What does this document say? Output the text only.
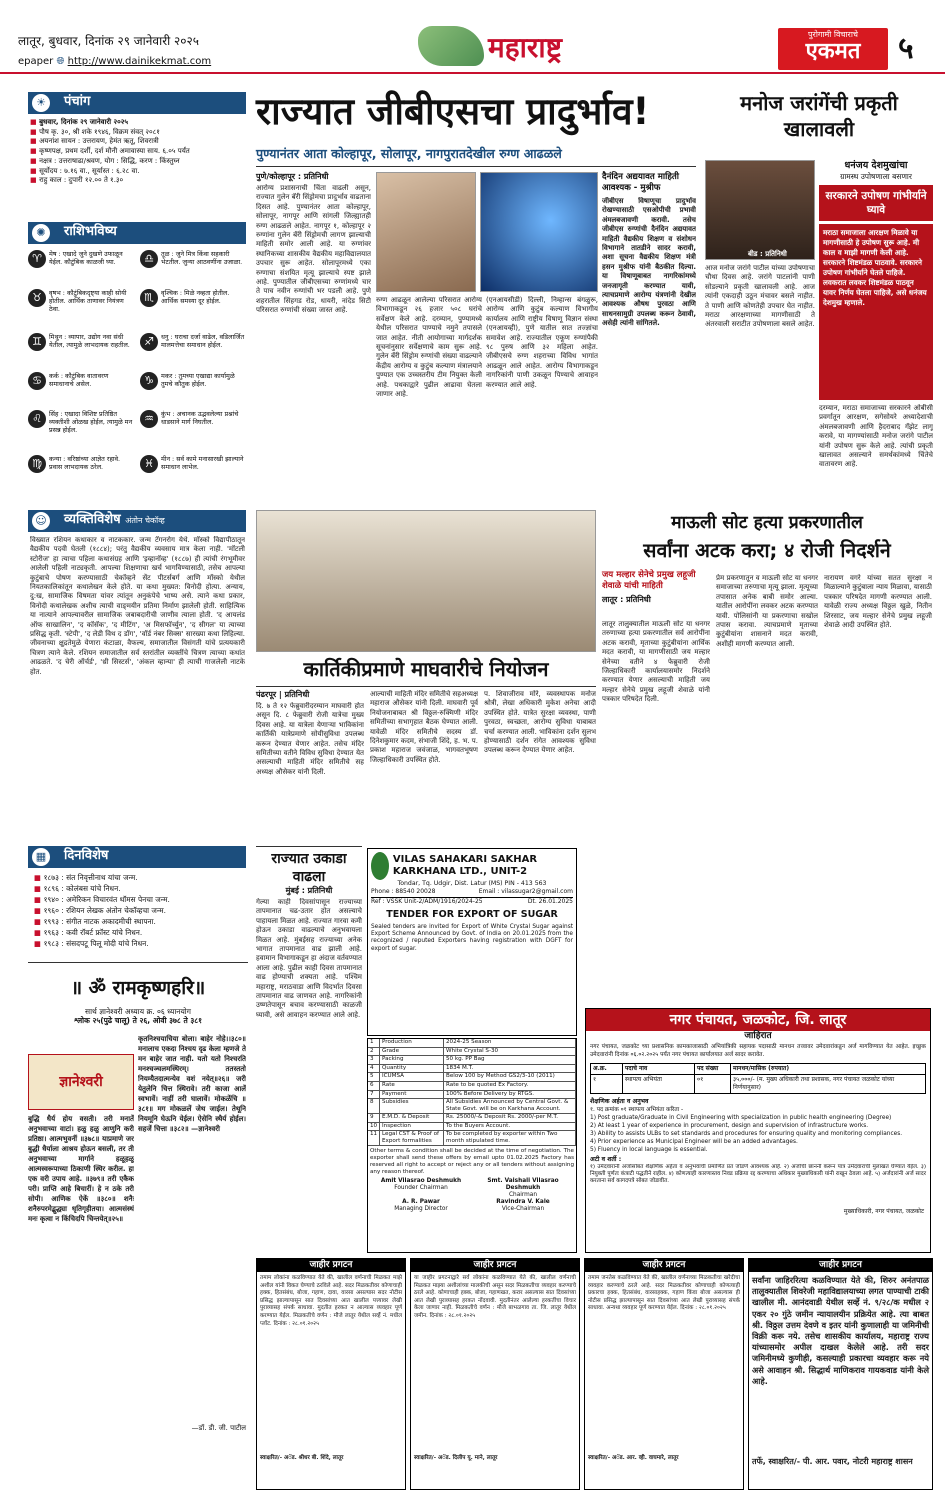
लातूर, बुधवार, दिनांक २९ जानेवारी २०२५
epaper 🌐︎ http://www.dainikekmat.com	महाराष्ट्र	पुरोगामी विचाराचे
एकमत	५
☀	पंचांग
■ बुधवार, दिनांक २९ जानेवारी २०२५
■ पौष कृ. ३०, श्री शके १९४६, विक्रम संवत् २०८१
■ अयनांश सायन : उत्तरायण, हेमंत ऋतू, शिवरात्री
■ कृष्णपक्ष, प्रथम दर्शी, दर्श मौनी अमावास्या साय. ६.०५ पर्यंत
■ नक्षत्र : उत्तराषाढा/श्रवण, योग : सिद्धि, करण : किंस्तुघ्न
■ सूर्योदय : ७.१६ वा., सूर्यास्त : ६.२८ वा.
■ राहु काल : दुपारी १२.०० ते १.३०
✺	राशिभविष्य
♈	मेष : एखादे जुने दुखणे उफाळून येईल. कौटुंबिक काळजी घ्या.	♎	तूळ : जुने मित्र किंवा सहकारी भेटतील. जुन्या आठवणींना उजाळा.
♉	वृषभ : कौटुंबिकदृष्ट्या काही सोयी होतील. आर्थिक ताणावर नियंत्रण ठेवा.
♏	वृश्चिक : मिळे नव्हता होतील. आर्थिक समस्या दूर होईल.
♊	मिथुन : व्यापार, उद्योग नवा संधी येतील, त्यामुळे लाभदायक राहतील.	♐	धनु : घराचा दर्जा वाढेल, वडिलार्जित मालमत्तेचा समाधान होईल.
♋	कर्क : कौटुंबिक वातावरण समाधानाचे असेल.	♑	मकर : तुमच्या एखाद्या कार्यामुळे तुमचे कौतुक होईल.
♌	सिंह : एखादा विशिष्ट प्रतिष्ठित व्यक्तीशी ओळख होईल, त्यामुळे मन प्रसन्न होईल.
♒	कुंभ : अचानक उद्भवलेल्या प्रश्नांचे धाडसाने मार्ग निघतील.
♍	कन्या : वरिष्ठांच्या आज्ञेत रहावे. प्रवास लाभदायक ठरेल.	♓	मीन : सर्व कामे मनासारखी झाल्याने समाधान लाभेल.
☺ व्यक्तिविशेष अंतोन चेकॉव्ह
विख्यात रशियन कथाकार व नाटककार. जन्म टॅगनरोग येथे. मॉस्को विद्यापीठातून वैद्यकीय पदवी घेतली (१८८४); परंतु वैद्यकीय व्यवसाय मात्र केला नाही. 'मॉटली स्टोरीज' हा त्याचा पहिला कथासंग्रह आणि 'इव्हानॉव्ह' (१८८७) ही त्यांची रंगभूमीवर आलेली पहिली नाट्यकृती. आपल्या शिक्षणाचा खर्च भागविण्यासाठी, तसेच आपल्या कुटुंबाचे पोषण करण्यासाठी चेकॉव्हने सेंट पीटर्सबर्ग आणि मॉस्को येथील नियतकालिकांतून कथालेखन केले होते. या कथा मुख्यत: विनोदी होत्या. अन्याय, दु:ख, सामाजिक विषमता यांवर त्यांतून अनुकंपेचे भाष्य असे. त्याने कथा प्रकार, विनोदी कथालेखक अशीच त्याची वाङ्‌मयीन प्रतिमा निर्माण झालेली होती. साहित्यिक या नात्याने आपल्यावरील सामाजिक जबाबदारीची जाणीव त्याला होती. 'द आयलंड ऑफ साखालिन', 'द कॉसॅक', 'द मीटिंग', 'अ मिसफॉर्च्युन', 'द सीगल' या त्याच्या प्रसिद्ध कृती. 'स्टेपी', 'द लेडी विथ द डॉग', 'वॉर्ड नंबर सिक्स' सारख्या कथा लिहिल्या. जीवनाच्या क्षुद्रतेमुळे येणारा कंटाळा, वैफल्य, समाजातील विसंगती यांचे प्रत्ययकारी चित्रण त्याने केले. रशियन समाजातील सर्व स्तरांतील व्यक्तींचे चित्रण त्याच्या कथांत आढळते. 'द चेरी ऑर्चर्ड', 'थ्री सिस्टर्स', 'अंकल व्हान्या' ही त्याची गाजलेली नाटके होत.
▦ दिनविशेष
■ १८७३ : संत निवृत्तीनाथ यांचा जन्म.
■ १८९६ : कोलंबस यांचे निधन.
■ १९४० : अमेरिकन विचारवंत थॉमस पेनचा जन्म.
■ १९६० : रशियन लेखक अंतोन चेकॉव्हचा जन्म.
■ १९९३ : संगीत नाटक अकादमीची स्थापना.
■ १९६३ : कवी रॉबर्ट फ्रॉस्ट यांचे निधन.
■ १९८३ : संसदपटू पिलू मोदी यांचे निधन.
॥ ॐ रामकृष्णहरि॥
सार्थ ज्ञानेश्वरी अध्याय क्र. ०६ ध्यानयोग
श्लोक २५(पुढे चालू) ते २६, ओवी ३७८ ते ३८१
ज्ञानेश्वरी
बुद्धि धैर्य होय वसती। तरी मनातें अनुभवाच्या वाटां। हळु हळु आणुनि करी प्रतिष्ठा। आत्मभुवनीं ॥३७८॥ याप्रमाणे जर बुद्धी धैर्याला आश्रय होऊन बसली, तर ती अनुभवाच्या मार्गाने हळूहळू आत्मस्वरूपाच्या ठिकाणी स्थिर करील. हा एक वरी उपाय आहे. ॥३७९॥ तरी एकैक परी। प्राप्ति आहे बिचारीं। हे न ठके तरी सोपी। आणिक ऐकें ॥३८०॥ शनैः शनैरुपरमेद्बुद्ध्या धृतिगृहीतया। आत्मसंस्थं मनः कृत्वा न किंचिदपि चिन्तयेत्॥२५॥
कृतनिश्चयाचिया बोला। बाहेर नोहे।।३८०॥ मनालाच एकदा निश्चय दृढ केला म्हणजे ते मन बाहेर जात नाही. यतो यतो निश्चरति मनश्चञ्चलमस्थिरम्। ततस्ततो नियम्यैतदात्मन्येव वशं नयेत्॥२६॥ जरी येतुलेनि चित्त स्थिरावे। तरी काजा आलें स्वभावें। नाहीं तरी घालावें। मोकळेंचि ॥३८१॥ मग मोकळलें जेथ जाईल। तेथूनि नियमूनि घेऊनि येईल। ऐसेनि स्थैर्य होईल। सहजें चित्ता ॥३८२॥ —ज्ञानेश्वरी
—डॉ. डी. जी. पाटील
राज्यात जीबीएसचा प्रादुर्भाव!
पुण्यानंतर आता कोल्हापूर, सोलापूर, नागपुरातदेखील रुग्ण आढळले
पुणे/कोल्हापूर : प्रतिनिधी
आरोग्य प्रशासनाची चिंता वाढली असून, राज्यात गुलेन बॅरी सिंड्रोमचा प्रादुर्भाव वाढताना दिसत आहे. पुण्यानंतर आता कोल्हापूर, सोलापूर, नागपूर आणि सांगली जिल्ह्यातही रुग्ण आढळले आहेत. नागपूर १, कोल्हापूर २ रुग्णांना गुलेन बॅरी सिंड्रोमची लागण झाल्याची माहिती समोर आली आहे. या रुग्णांवर स्थानिकच्या शासकीय वैद्यकीय महाविद्यालयात उपचार सुरू आहेत. सोलापूरमध्ये एका रुग्णाचा संशयित मृत्यू झाल्याचे स्पष्ट झाले आहे. पुण्यातील जीबीएसच्या रुग्णांमध्ये चार ते पाच नवीन रुग्णांची भर पडली आहे. पुणे शहरातील सिंहगड रोड, धायरी, नांदेड सिटी परिसरात रुग्णांची संख्या जास्त आहे.
रुग्ण आढळून आलेल्या परिसरात आरोग्य विभागाकडून २६ हजार ५०८ घरांचे सर्वेक्षण केले आहे. दरम्यान, पुण्यामध्ये येथील परिसरात पाण्याचे नमुने तपासले जात आहेत. नीती आयोगाच्या मार्गदर्शक सूचनांनुसार सर्वेक्षणाचे काम सुरू आहे. गुलेन बॅरी सिंड्रोम रुग्णांची संख्या वाढल्याने केंद्रीय आरोग्य व कुटुंब कल्याण मंत्रालयाने पुण्यात एक उच्चस्तरीय टीम नियुक्त केली आहे. पथकाद्वारे पुढील आढावा घेतला जाणार आहे.
(एनआयसीडी) दिल्ली, निम्हान्स बंगळुरू, आरोग्य आणि कुटुंब कल्याण विभागीय कार्यालय आणि राष्ट्रीय विषाणू विज्ञान संस्था (एनआयव्ही), पुणे यातील सात तज्ज्ञांचा समावेश आहे. राज्यातील एकूण रुग्णांपैकी ९८ पुरुष आणि ३२ महिला आहेत. जीबीएसचे रुग्ण शहराच्या विविध भागांत आढळून आले आहेत. आरोग्य विभागाकडून नागरिकांनी पाणी उकळून पिण्याचे आवाहन करण्यात आले आहे.
दैनंदिन अद्ययावत माहिती आवश्यक - मुश्रीफ
जीबीएस विषाणूचा प्रादुर्भाव रोखण्यासाठी एसओपीची प्रभावी अंमलबजावणी करावी. तसेच जीबीएस रुग्णांची दैनंदिन अद्ययावत माहिती वैद्यकीय शिक्षण व संशोधन विभागाने तातडीने सादर करावी, अशा सूचना वैद्यकीय शिक्षण मंत्री हसन मुश्रीफ यांनी बैठकीत दिल्या. या विषाणूबाबत नागरिकांमध्ये जनजागृती करण्यात यावी, त्याचप्रमाणे आरोग्य यंत्रणांनी देखील आवश्यक औषध पुरवठा आणि साधनसामुग्री उपलब्ध करून ठेवावी, असेही त्यांनी सांगितले.
मनोज जरांगेंची प्रकृती खालावली
बीड : प्रतिनिधी
धनंजय देशमुखांचा
ग्रामस्थ उपोषणाला बसणार
सरकारने उपोषण गांभीर्याने घ्यावे
आज मनोज जरांगे पाटील यांच्या उपोषणाचा चौथा दिवस आहे. जरांगे पाटलांनी पाणी सोडल्याने प्रकृती खालावली आहे. आज त्यांनी एकदाही उठून मंचावर बसले नाहीत. ते पाणी आणि कोणतेही उपचार घेत नाहीत. मराठा आरक्षणाच्या मागणीसाठी ते अंतरवाली सराटीत उपोषणाला बसले आहेत.
मराठा समाजाला आरक्षण मिळावे या मागणीसाठी हे उपोषण सुरू आहे. मी काल व माझी मागणी केली आहे. सरकारने शिष्टमंडळ पाठवावे. सरकारने उपोषण गांभीर्याने घेतले पाहिजे. लवकरात लवकर शिष्टमंडळ पाठवून यावर निर्णय घेतला पाहिजे, असे धनंजय देशमुख म्हणाले.
दरम्यान, मराठा समाजाच्या सरकारने ओबीसी प्रवर्गातून आरक्षण, सगेसोयरे अध्यादेशाची अंमलबजावणी आणि हैदराबाद गॅझेट लागू करावे, या मागण्यांसाठी मनोज जरांगे पाटील यांनी उपोषण सुरू केले आहे. त्यांची प्रकृती खालावत असल्याने समर्थकांमध्ये चिंतेचे वातावरण आहे.
कार्तिकीप्रमाणे माघवारीचे नियोजन
पंढरपूर | प्रतिनिधी
दि. ७ ते १२ फेब्रुवारीदरम्यान माघवारी होत असून दि. ८ फेब्रुवारी रोजी यात्रेचा मुख्य दिवस आहे. या यात्रेला येणाऱ्या भाविकांना कार्तिकी यात्रेप्रमाणे सोयीसुविधा उपलब्ध करून देण्यात येणार आहेत. तसेच मंदिर समितीच्या वतीने विविध सुविधा देण्यात येत असल्याची माहिती मंदिर समितीचे सह अध्यक्ष औसेकर यांनी दिली.
आल्याची माहिती मंदिर समितीचे सहअध्यक्ष महाराज औसेकर यांनी दिली. माघवारी पूर्व नियोजनाबाबत श्री विठ्ठल-रुक्मिणी मंदिर समितीच्या सभागृहात बैठक घेण्यात आली. यावेळी मंदिर समितीचे सदस्य डॉ. दिनेशकुमार कदम, संभाजी शिंदे, ह. भ. प. प्रकाश महाराज जवंजाळ, भागवतभूषण जिल्हाधिकारी उपस्थित होते.
प. शिवाजीराव मोरे, व्यवस्थापक मनोज श्रोत्री, लेखा अधिकारी मुकेश अनेचा आदी उपस्थित होते. यात्रेत सुरक्षा व्यवस्था, पाणी पुरवठा, स्वच्छता, आरोग्य सुविधा याबाबत चर्चा करण्यात आली. भाविकांना दर्शन सुलभ होण्यासाठी दर्शन रांगेत आवश्यक सुविधा उपलब्ध करून देण्यात येणार आहेत.
माऊली सोट हत्या प्रकरणातील
सर्वांना अटक करा; ४ रोजी निदर्शने
जय मल्हार सेनेचे प्रमुख लहूजी
शेवाळे यांची माहिती
लातूर : प्रतिनिधी
लातूर तालुक्यातील माऊली सोट या धनगर तरुणाच्या हत्या प्रकरणातील सर्व आरोपींना अटक करावी, मृताच्या कुटुंबीयांना आर्थिक मदत करावी, या मागणीसाठी जय मल्हार सेनेच्या वतीने ४ फेब्रुवारी रोजी जिल्हाधिकारी कार्यालयासमोर निदर्शने करण्यात येणार असल्याची माहिती जय मल्हार सेनेचे प्रमुख लहूजी शेवाळे यांनी पत्रकार परिषदेत दिली.
प्रेम प्रकरणातून व माऊली सोट या धनगर समाजाच्या तरुणाचा मृत्यू झाला. मृत्यूच्या तपासात अनेक बाबी समोर आल्या. यातील आरोपींना लवकर अटक करण्यात यावी. पोलिसांनी या प्रकरणाचा सखोल तपास करावा. त्याचप्रमाणे मृताच्या कुटुंबीयांना शासनाने मदत करावी, अशीही मागणी करण्यात आली.
नारायण वगरे यांच्या सतत सुरक्षा न मिळाल्याने कुटुंबाला न्याय मिळावा, यासाठी पत्रकार परिषदेत मागणी करण्यात आली. यावेळी राज्य अध्यक्ष विठ्ठल खुळे, नितीन शिरसाट, जय मल्हार सेनेचे प्रमुख लहूजी शेवाळे आदी उपस्थित होते.
राज्यात उकाडा
वाढला
मुंबई : प्रतिनिधी
गेल्या काही दिवसांपासून राज्याच्या तापमानात चढ-उतार होत असल्याचे पाहायला मिळत आहे. राज्यात गारवा कमी होऊन उकाडा वाढल्याचे अनुभवायला मिळत आहे. मुंबईसह राज्याच्या अनेक भागात तापमानात वाढ झाली आहे. हवामान विभागाकडून हा अंदाज वर्तवण्यात आला आहे. पुढील काही दिवस तापमानात वाढ होण्याची शक्यता आहे. पश्चिम महाराष्ट्र, मराठवाडा आणि विदर्भात दिवसा तापमानात वाढ जाणवत आहे. नागरिकांनी उष्णतेपासून बचाव करण्यासाठी काळजी घ्यावी, असे आवाहन करण्यात आले आहे.
VILAS SAHAKARI SAKHAR KARKHANA LTD., UNIT-2
Tondar, Tq. Udgir, Dist. Latur (MS) PIN - 413 563
Phone : 88540 20028	Email : vilassugar2@gmail.com
Ref : VSSK Unit-2/ADM/1916/2024-25	Dt. 26.01.2025
TENDER FOR EXPORT OF SUGAR
Sealed tenders are invited for Export of White Crystal Sugar against Export Scheme Announced by Govt. of India on 20.01.2025 from the recognized / reputed Exporters having registration with DGFT for export of sugar.
1	Production	2024-25 Season
2	Grade	White Crystal S-30
3	Packing	50 kg. PP Bag
4	Quantity	1834 M.T.
5	ICUMSA	Below 100 by Method GS2/3-10 (2011)
6	Rate	Rate to be quoted Ex Factory.
7	Payment	100% Before Delivery by RTGS.
8	Subsidies	All Subsidies Announced by Central Govt. & State Govt. will be on Karkhana Account.
9	E.M.D. & Deposit	Rs. 25000/-& Deposit Rs. 2000/-per M.T.
10 Inspection	To the Buyers Account.
11 Legal CST & Proof of Export formalities
To be completed by exporter within Two month stipulated time.
Other terms & condition shall be decided at the time of negotiation. The exporter shall send these offers by email upto 01.02.2025 Factory has reserved all right to accept or reject any or all tenders without assigning any reason thereof.
Amit Vilasrao Deshmukh
Founder Chairman
Smt. Vaishali Vilasrao Deshmukh
Chairman
A. R. Pawar
Managing Director
Ravindra V. Kale
Vice-Chairman
नगर पंचायत, जळकोट, जि. लातूर
जाहिरात
नगर पंचायत, जळकोट च्या प्रशासनिक कामकाजासाठी अभियांत्रिकी सहायक पदासाठी मानधन तत्त्वावर उमेदवारांकडून अर्ज मागविण्यात येत आहेत. इच्छुक उमेदवारांनी दिनांक ०६.०२.२०२५ पर्यंत नगर पंचायत कार्यालयात अर्ज सादर करावेत.
अ.क्र.	पदाचे नाव	पद संख्या	मानधन/मासिक (रुपयात)
१	स्थापत्य अभियंता	०१	३५,०००/- (म. मुख्य अधिकारी तथा प्रशासक, नगर पंचायत जळकोट यांच्या निर्णयानुसार)
शैक्षणिक अर्हता व अनुभव
१. पद क्रमांक ०१ स्थापत्य अभियंता करिता -
1) Post graduate/Graduate in Civil Engineering with specialization in public health engineering (Degree)
2) At least 1 year of experience in procurement, design and supervision of infrastructure works.
3) Ability to assists ULBs to set standards and procedures for ensuring quality and monitoring compliances.
4) Prior experience as Municipal Engineer will be an added advantages.
5) Fluency in local language is essential.
अटी व शर्ती :
१) उमेदवारांनी अर्जासोबत शैक्षणिक अर्हता व अनुभवाची प्रमाणित प्रत जोडणे आवश्यक आहे. २) अर्जाची छाननी करून पात्र उमेदवारांची मुलाखत घेण्यात येईल. ३) नियुक्ती पूर्णतः कंत्राटी पद्धतीने राहील. ४) कोणत्याही कारणास्तव निवड प्रक्रिया रद्द करण्याचा अधिकार मुख्याधिकारी यांनी राखून ठेवला आहे. ५) अर्जदारांनी अर्ज सादर करताना सर्व कागदपत्रे सोबत जोडावीत.
मुख्याधिकारी, नगर पंचायत, जळकोट
जाहीर प्रगटन
तमाम लोकांना कळविण्यात येते की, खालील वर्णनाची मिळकत माझे अशील यांनी विकत घेण्याचे ठरविले आहे. सदर मिळकतीवर कोणाचाही हक्क, हितसंबंध, बोजा, गहाण, दावा, वारसा असल्यास सदर नोटीस प्रसिद्ध झाल्यापासून सात दिवसांच्या आत खालील पत्त्यावर लेखी पुराव्यासह संपर्क साधावा. मुदतीत हरकत न आल्यास व्यवहार पूर्ण करण्यात येईल. मिळकतीचे वर्णन : मौजे लातूर येथील सर्व्हे नं. मधील प्लॉट. दिनांक : २८.०१.२०२५
स्वाक्षरित/- अॅड. श्रीधर बी. शिंदे, लातूर
जाहीर प्रगटन
या जाहीर प्रगटनाद्वारे सर्व लोकांना कळविण्यात येते की, खालील वर्णनाची मिळकत माझ्या अशीलांच्या मालकीची असून सदर मिळकतीचा व्यवहार करण्याचे ठरले आहे. कोणाचाही हक्क, बोजा, गहाणखत, करार असल्यास सात दिवसांच्या आत लेखी पुराव्यासह हरकत नोंदवावी. मुदतीनंतर आलेल्या हरकतींचा विचार केला जाणार नाही. मिळकतीचे वर्णन : मौजे बाभळगाव ता. जि. लातूर येथील जमीन. दिनांक : २८.०१.२०२५
स्वाक्षरित/- अॅड. दिलीप यू. माने, लातूर
जाहीर प्रगटन
तमाम जनतेस कळविण्यात येते की, खालील वर्णनाच्या मिळकतीचा खरेदीचा व्यवहार करण्याचे ठरले आहे. सदर मिळकतीवर कोणाचाही कोणत्याही प्रकारचा हक्क, हितसंबंध, वारसाहक्क, गहाण किंवा बोजा असल्यास ही नोटीस प्रसिद्ध झाल्यापासून सात दिवसांच्या आत लेखी पुराव्यासह संपर्क साधावा. अन्यथा व्यवहार पूर्ण करण्यात येईल. दिनांक : २८.०१.२०२५
स्वाक्षरित/- अॅड. आर. व्ही. वाघमारे, लातूर
जाहीर प्रगटन
सर्वांना जाहिररित्या कळविण्यात येते की, शिरुर अनंतपाळ तालुक्यातील शिवरेजी महाविद्यालयाच्या लगत पाण्याची टाकी खालील मी. आनंदवाडी येथील सर्व्हे नं. ९/२८/क मधील २ एकर २० गुंठे जमीन न्यायालयीन प्रक्रियेत आहे. त्या बाबत श्री. विठ्ठल उत्तम देवणे व इतर यांनी कुणालाही या जमिनीची विक्री करू नये. तसेच शासकीय कार्यालय, महाराष्ट्र राज्य यांच्यासमोर अपील दाखल केलेले आहे. तरी सदर जमिनीमध्ये कुणीही, कसल्याही प्रकारचा व्यवहार करू नये असे आवाहन श्री. सिद्धार्थ माणिकराव गायकवाड यांनी केले आहे.
तर्फे, स्वाक्षरित/- पी. आर. पवार, नोटरी महाराष्ट्र शासन
